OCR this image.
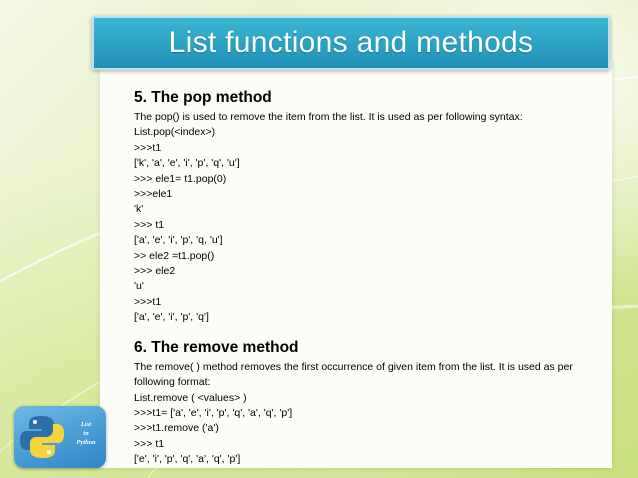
List functions and methods

5. The pop method

The pop() is used to remove the item from the list. It is used as per following syntax:

List.pop(<index>)

>>>t1

['k', 'a', 'e', 'i', 'p', 'q', 'u']

>>> ele1= t1.pop(0)

>>>ele1

'k'

>>> t1

['a', 'e', 'i', 'p', 'q, 'u']

>> ele2 =t1.pop()

>>> ele2

'u'

>>>t1

['a', 'e', 'i', 'p', 'q']

6. The remove method

The remove( ) method removes the first occurrence of given item from the list. It is used as per following format:

List.remove ( <values> )

>>>t1= ['a', 'e', 'i', 'p', 'q', 'a', 'q', 'p']

>>>t1.remove ('a')

>>> t1

['e', 'i', 'p', 'q', 'a', 'q', 'p']

List
in
Python
